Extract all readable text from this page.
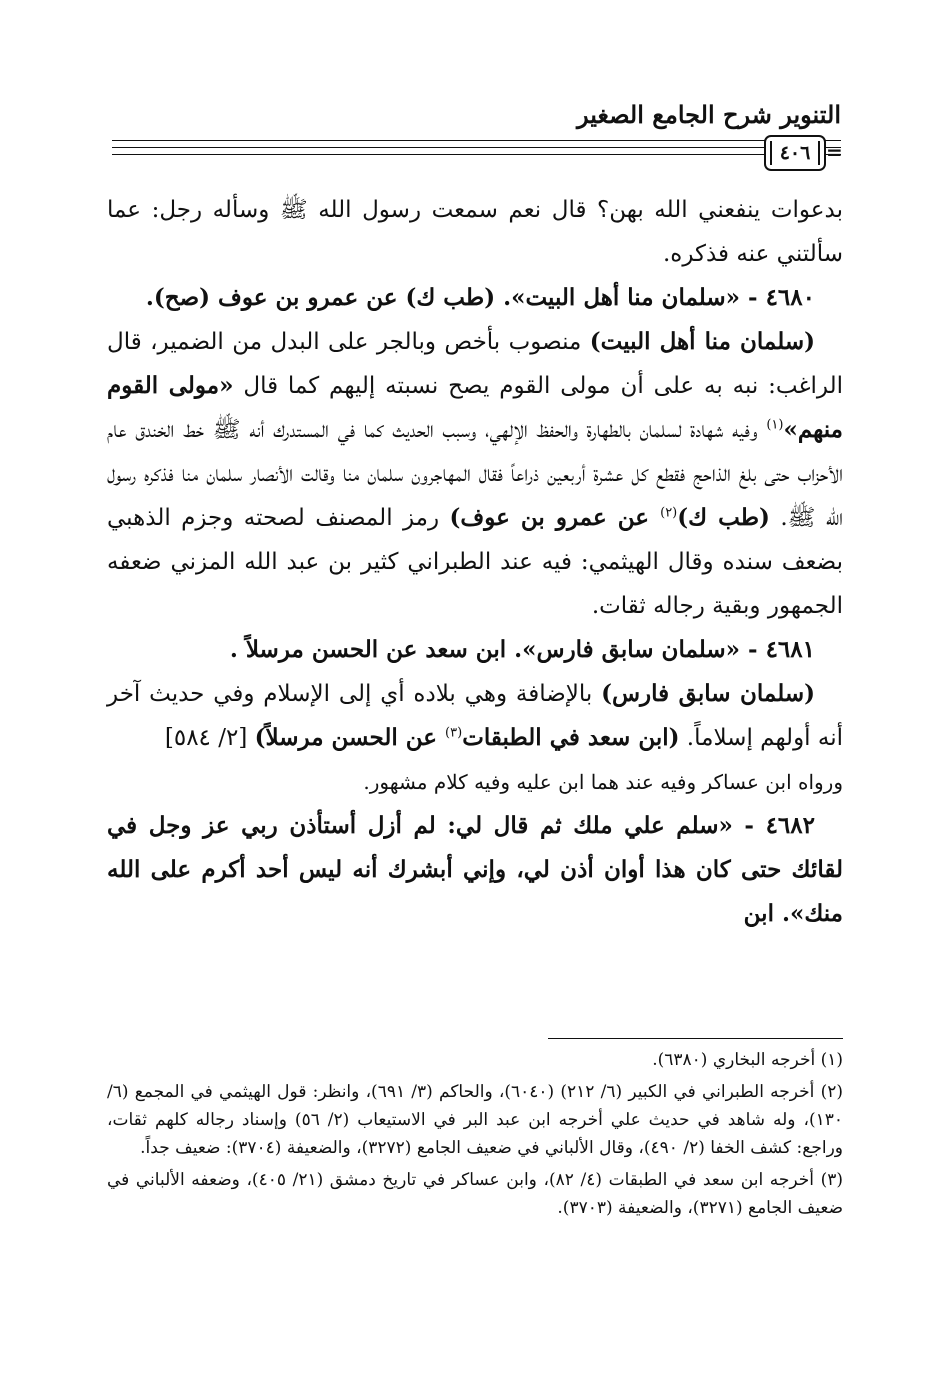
التنوير شرح الجامع الصغير
٤٠٦ =

بدعوات ينفعني الله بهن؟ قال نعم سمعت رسول الله ﷺ وسأله رجل: عما سألتني عنه فذكره.

٤٦٨٠ - «سلمان منا أهل البيت». (طب ك) عن عمرو بن عوف (صح).

(سلمان منا أهل البيت) منصوب بأخص وبالجر على البدل من الضمير، قال الراغب: نبه به على أن مولى القوم يصح نسبته إليهم كما قال «مولى القوم منهم»$^{(١)}$ وفيه شهادة لسلمان بالطهارة والحفظ الإلهي، وسبب الحديث كما في المستدرك أنه ﷺ خط الخندق عام الأحزاب حتى بلغ الذاحج فقطع كل عشرة أربعين ذراعاً فقال المهاجرون سلمان منا وقالت الأنصار سلمان منا فذكره رسول الله ﷺ. (طب ك)$^{(٢)}$ عن عمرو بن عوف) رمز المصنف لصحته وجزم الذهبي بضعف سنده وقال الهيثمي: فيه عند الطبراني كثير بن عبد الله المزني ضعفه الجمهور وبقية رجاله ثقات.

٤٦٨١ - «سلمان سابق فارس». ابن سعد عن الحسن مرسلاً .

(سلمان سابق فارس) بالإضافة وهي بلاده أي إلى الإسلام وفي حديث آخر أنه أولهم إسلاماً. (ابن سعد في الطبقات$^{(٣)}$ عن الحسن مرسلاً) [٢/ ٥٨٤]

ورواه ابن عساكر وفيه عند هما ابن عليه وفيه كلام مشهور.

٤٦٨٢ - «سلم علي ملك ثم قال لي: لم أزل أستأذن ربي عز وجل في لقائك حتى كان هذا أوان أذن لي، وإني أبشرك أنه ليس أحد أكرم على الله منك». ابن

(١) أخرجه البخاري (٦٣٨٠).

(٢) أخرجه الطبراني في الكبير (٦/ ٢١٢) (٦٠٤٠)، والحاكم (٣/ ٦٩١)، وانظر: قول الهيثمي في المجمع (٦/ ١٣٠)، وله شاهد في حديث علي أخرجه ابن عبد البر في الاستيعاب (٢/ ٥٦) وإسناد رجاله كلهم ثقات، وراجع: كشف الخفا (٢/ ٤٩٠)، وقال الألباني في ضعيف الجامع (٣٢٧٢)، والضعيفة (٣٧٠٤): ضعيف جداً.

(٣) أخرجه ابن سعد في الطبقات (٤/ ٨٢)، وابن عساكر في تاريخ دمشق (٢١/ ٤٠٥)، وضعفه الألباني في ضعيف الجامع (٣٢٧١)، والضعيفة (٣٧٠٣).
